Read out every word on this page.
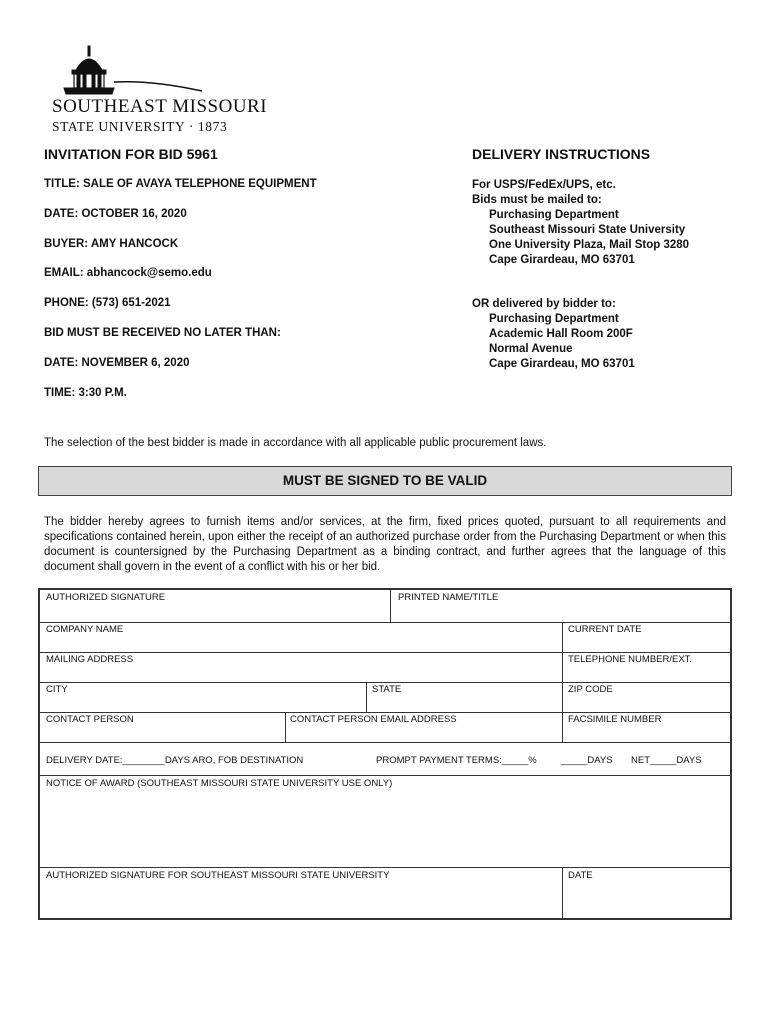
SOUTHEAST MISSOURI
STATE UNIVERSITY · 1873
INVITATION FOR BID 5961
TITLE: SALE OF AVAYA TELEPHONE EQUIPMENT
DATE: OCTOBER 16, 2020
BUYER: AMY HANCOCK
EMAIL: abhancock@semo.edu
PHONE: (573) 651-2021
BID MUST BE RECEIVED NO LATER THAN:
DATE: NOVEMBER 6, 2020
TIME: 3:30 P.M.
DELIVERY INSTRUCTIONS
For USPS/FedEx/UPS, etc.
Bids must be mailed to:
Purchasing Department
Southeast Missouri State University
One University Plaza, Mail Stop 3280
Cape Girardeau, MO 63701
OR delivered by bidder to:
Purchasing Department
Academic Hall Room 200F
Normal Avenue
Cape Girardeau, MO 63701
The selection of the best bidder is made in accordance with all applicable public procurement laws.
MUST BE SIGNED TO BE VALID
The bidder hereby agrees to furnish items and/or services, at the firm, fixed prices quoted, pursuant to all requirements and specifications contained herein, upon either the receipt of an authorized purchase order from the Purchasing Department or when this document is countersigned by the Purchasing Department as a binding contract, and further agrees that the language of this document shall govern in the event of a conflict with his or her bid.
AUTHORIZED SIGNATURE	PRINTED NAME/TITLE
COMPANY NAME	CURRENT DATE
MAILING ADDRESS	TELEPHONE NUMBER/EXT.
CITY	STATE	ZIP CODE
CONTACT PERSON	CONTACT PERSON EMAIL ADDRESS	FACSIMILE NUMBER
DELIVERY DATE:________DAYS ARO, FOB DESTINATION	PROMPT PAYMENT TERMS:_____%	_____DAYS NET_____DAYS
NOTICE OF AWARD (SOUTHEAST MISSOURI STATE UNIVERSITY USE ONLY)
AUTHORIZED SIGNATURE FOR SOUTHEAST MISSOURI STATE UNIVERSITY	DATE
